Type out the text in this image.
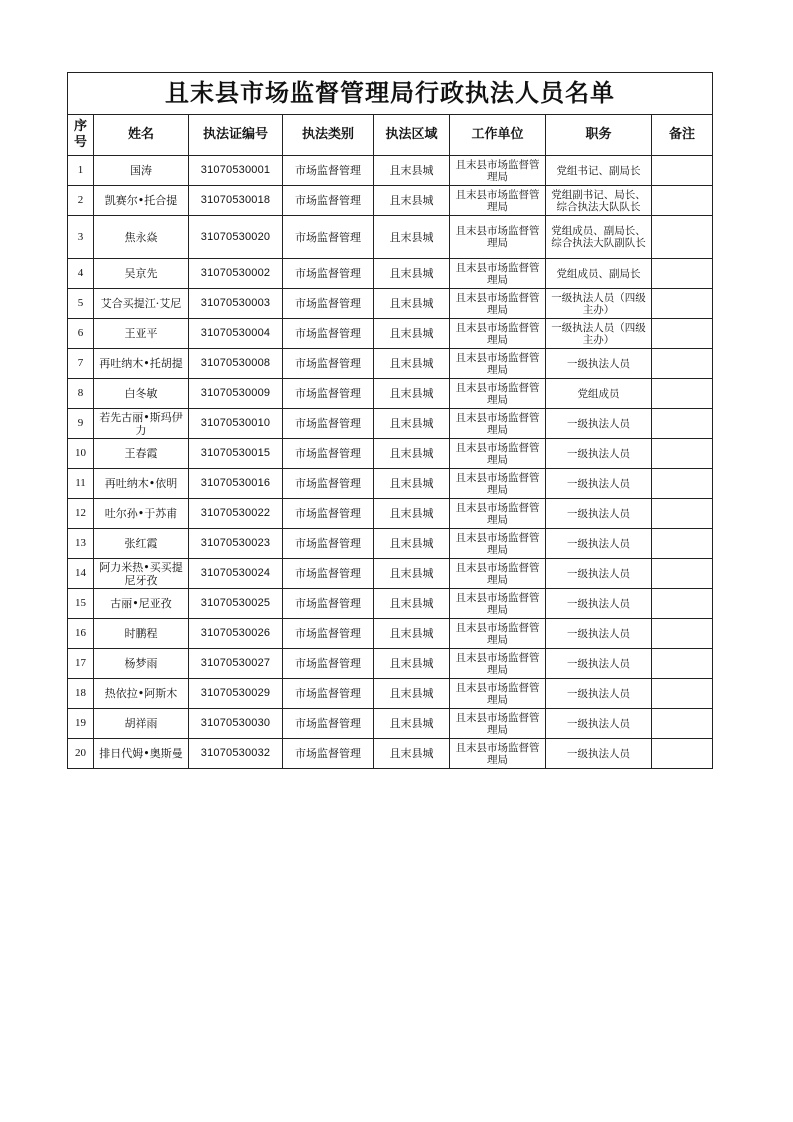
且末县市场监督管理局行政执法人员名单							
序号	姓名	执法证编号	执法类别	执法区域	工作单位	职务	备注
1	国涛	31070530001	市场监督管理	且末县城	且末县市场监督管理局	党组书记、副局长	
2	凯赛尔•托合提	31070530018	市场监督管理	且末县城	且末县市场监督管理局	党组副书记、局长、综合执法大队队长	
3	焦永焱	31070530020	市场监督管理	且末县城	且末县市场监督管理局	党组成员、副局长、综合执法大队副队长	
4	吴京先	31070530002	市场监督管理	且末县城	且末县市场监督管理局	党组成员、副局长	
5	艾合买提江·艾尼	31070530003	市场监督管理	且末县城	且末县市场监督管理局	一级执法人员（四级主办）	
6	王亚平	31070530004	市场监督管理	且末县城	且末县市场监督管理局	一级执法人员（四级主办）	
7	再吐纳木•托胡提	31070530008	市场监督管理	且末县城	且末县市场监督管理局	一级执法人员	
8	白冬敏	31070530009	市场监督管理	且末县城	且末县市场监督管理局	党组成员	
9	若先古丽•斯玛伊力	31070530010	市场监督管理	且末县城	且末县市场监督管理局	一级执法人员	
10	王春霞	31070530015	市场监督管理	且末县城	且末县市场监督管理局	一级执法人员	
11	再吐纳木•依明	31070530016	市场监督管理	且末县城	且末县市场监督管理局	一级执法人员	
12	吐尔孙•于苏甫	31070530022	市场监督管理	且末县城	且末县市场监督管理局	一级执法人员	
13	张红霞	31070530023	市场监督管理	且末县城	且末县市场监督管理局	一级执法人员	
14	阿力米热•买买提尼牙孜	31070530024	市场监督管理	且末县城	且末县市场监督管理局	一级执法人员	
15	古丽•尼亚孜	31070530025	市场监督管理	且末县城	且末县市场监督管理局	一级执法人员	
16	时鹏程	31070530026	市场监督管理	且末县城	且末县市场监督管理局	一级执法人员	
17	杨梦雨	31070530027	市场监督管理	且末县城	且末县市场监督管理局	一级执法人员	
18	热依拉•阿斯木	31070530029	市场监督管理	且末县城	且末县市场监督管理局	一级执法人员	
19	胡祥雨	31070530030	市场监督管理	且末县城	且末县市场监督管理局	一级执法人员	
20	排日代姆•奥斯曼	31070530032	市场监督管理	且末县城	且末县市场监督管理局	一级执法人员	
